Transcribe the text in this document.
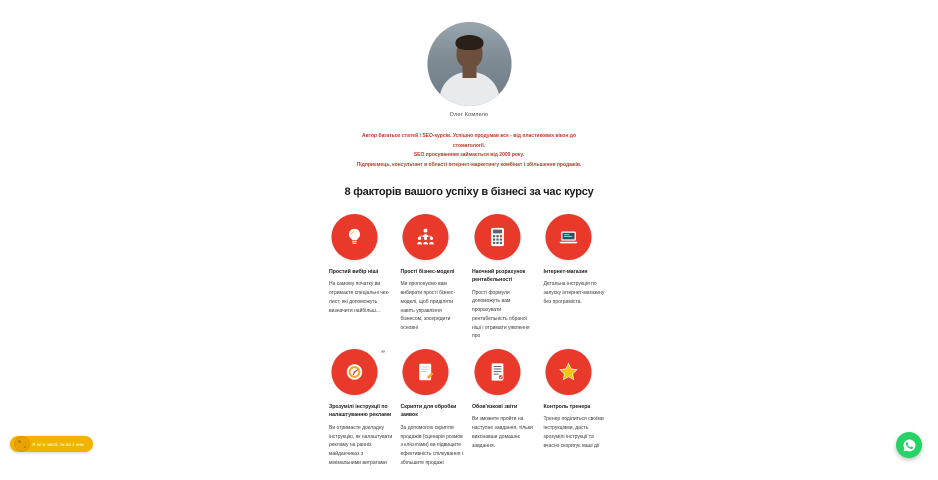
Олег Компело
Автор багатьох статей і SEO-курсів. Успішно продумав все - від пластикових вікон до стоматології.
SEO просуванням займається від 2009 року.
Підприємець, консультант в області інтернет-маркетингу комбінат і збільшення продажів.
8 факторів вашого успіху в бізнесі за час курсу
Простий вибір ніші
На самому початку ви отримаєте спеціальні чек-лист, які допоможуть визначити найбільш...
Прості бізнес-моделі
Ми пропонуємо вам вибирати прості бізнес-моделі, щоб приділяти навіть управління бізнесом, зосередити основні
Наочний розрахунок рентабельності
Прості формули допоможуть вам прорахувати рентабельність обраної ніші і отримати уявлення про
Інтернет-магазин
Детальна інструкція по запуску інтернет-магазину без програміста.
”
Зрозумілі інструкції по налаштуванню реклами
Ви отримаєте докладну інструкцію, як налаштувати рекламу на ранніх майданчиках з мінімальними витратами
Скрипти для обробки заявок
За допомогою скриптів продажів (сценарія розмов з клієнтами) ви підвищите ефективність спілкування і збільшите продажі
Обов'язкові звіти
Ви зможете пройти на наступне завдання, тільки виконавши домашнє завдання.
Контроль тренера
Тренер поділиться своїми інструкціями, дасть зрозумілі інструкції та вчасно скоригує ваші дії
Я не в змозі, як ви з ним
